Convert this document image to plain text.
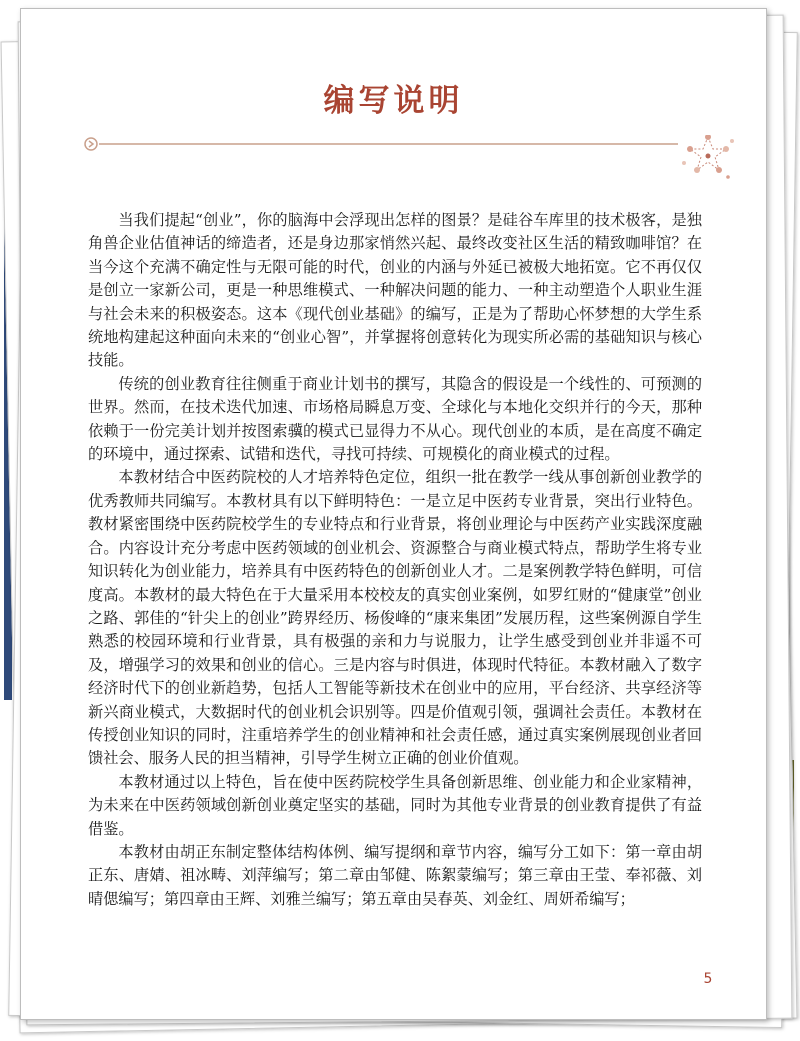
编写说明

当我们提起“创业”，你的脑海中会浮现出怎样的图景？是硅谷车库里的技术极客，是独角兽企业估值神话的缔造者，还是身边那家悄然兴起、最终改变社区生活的精致咖啡馆？在当今这个充满不确定性与无限可能的时代，创业的内涵与外延已被极大地拓宽。它不再仅仅是创立一家新公司，更是一种思维模式、一种解决问题的能力、一种主动塑造个人职业生涯与社会未来的积极姿态。这本《现代创业基础》的编写，正是为了帮助心怀梦想的大学生系统地构建起这种面向未来的“创业心智”，并掌握将创意转化为现实所必需的基础知识与核心技能。

传统的创业教育往往侧重于商业计划书的撰写，其隐含的假设是一个线性的、可预测的世界。然而，在技术迭代加速、市场格局瞬息万变、全球化与本地化交织并行的今天，那种依赖于一份完美计划并按图索骥的模式已显得力不从心。现代创业的本质，是在高度不确定的环境中，通过探索、试错和迭代，寻找可持续、可规模化的商业模式的过程。

本教材结合中医药院校的人才培养特色定位，组织一批在教学一线从事创新创业教学的优秀教师共同编写。本教材具有以下鲜明特色：一是立足中医药专业背景，突出行业特色。教材紧密围绕中医药院校学生的专业特点和行业背景，将创业理论与中医药产业实践深度融合。内容设计充分考虑中医药领域的创业机会、资源整合与商业模式特点，帮助学生将专业知识转化为创业能力，培养具有中医药特色的创新创业人才。二是案例教学特色鲜明，可信度高。本教材的最大特色在于大量采用本校校友的真实创业案例，如罗红财的“健康堂”创业之路、郭佳的“针尖上的创业”跨界经历、杨俊峰的“康来集团”发展历程，这些案例源自学生熟悉的校园环境和行业背景，具有极强的亲和力与说服力，让学生感受到创业并非遥不可及，增强学习的效果和创业的信心。三是内容与时俱进，体现时代特征。本教材融入了数字经济时代下的创业新趋势，包括人工智能等新技术在创业中的应用，平台经济、共享经济等新兴商业模式，大数据时代的创业机会识别等。四是价值观引领，强调社会责任。本教材在传授创业知识的同时，注重培养学生的创业精神和社会责任感，通过真实案例展现创业者回馈社会、服务人民的担当精神，引导学生树立正确的创业价值观。

本教材通过以上特色，旨在使中医药院校学生具备创新思维、创业能力和企业家精神，为未来在中医药领域创新创业奠定坚实的基础，同时为其他专业背景的创业教育提供了有益借鉴。

本教材由胡正东制定整体结构体例、编写提纲和章节内容，编写分工如下：第一章由胡正东、唐婧、祖冰畴、刘萍编写；第二章由邹健、陈絮蒙编写；第三章由王莹、奉祁薇、刘晴偲编写；第四章由王辉、刘雅兰编写；第五章由吴春英、刘金红、周妍希编写；

5
